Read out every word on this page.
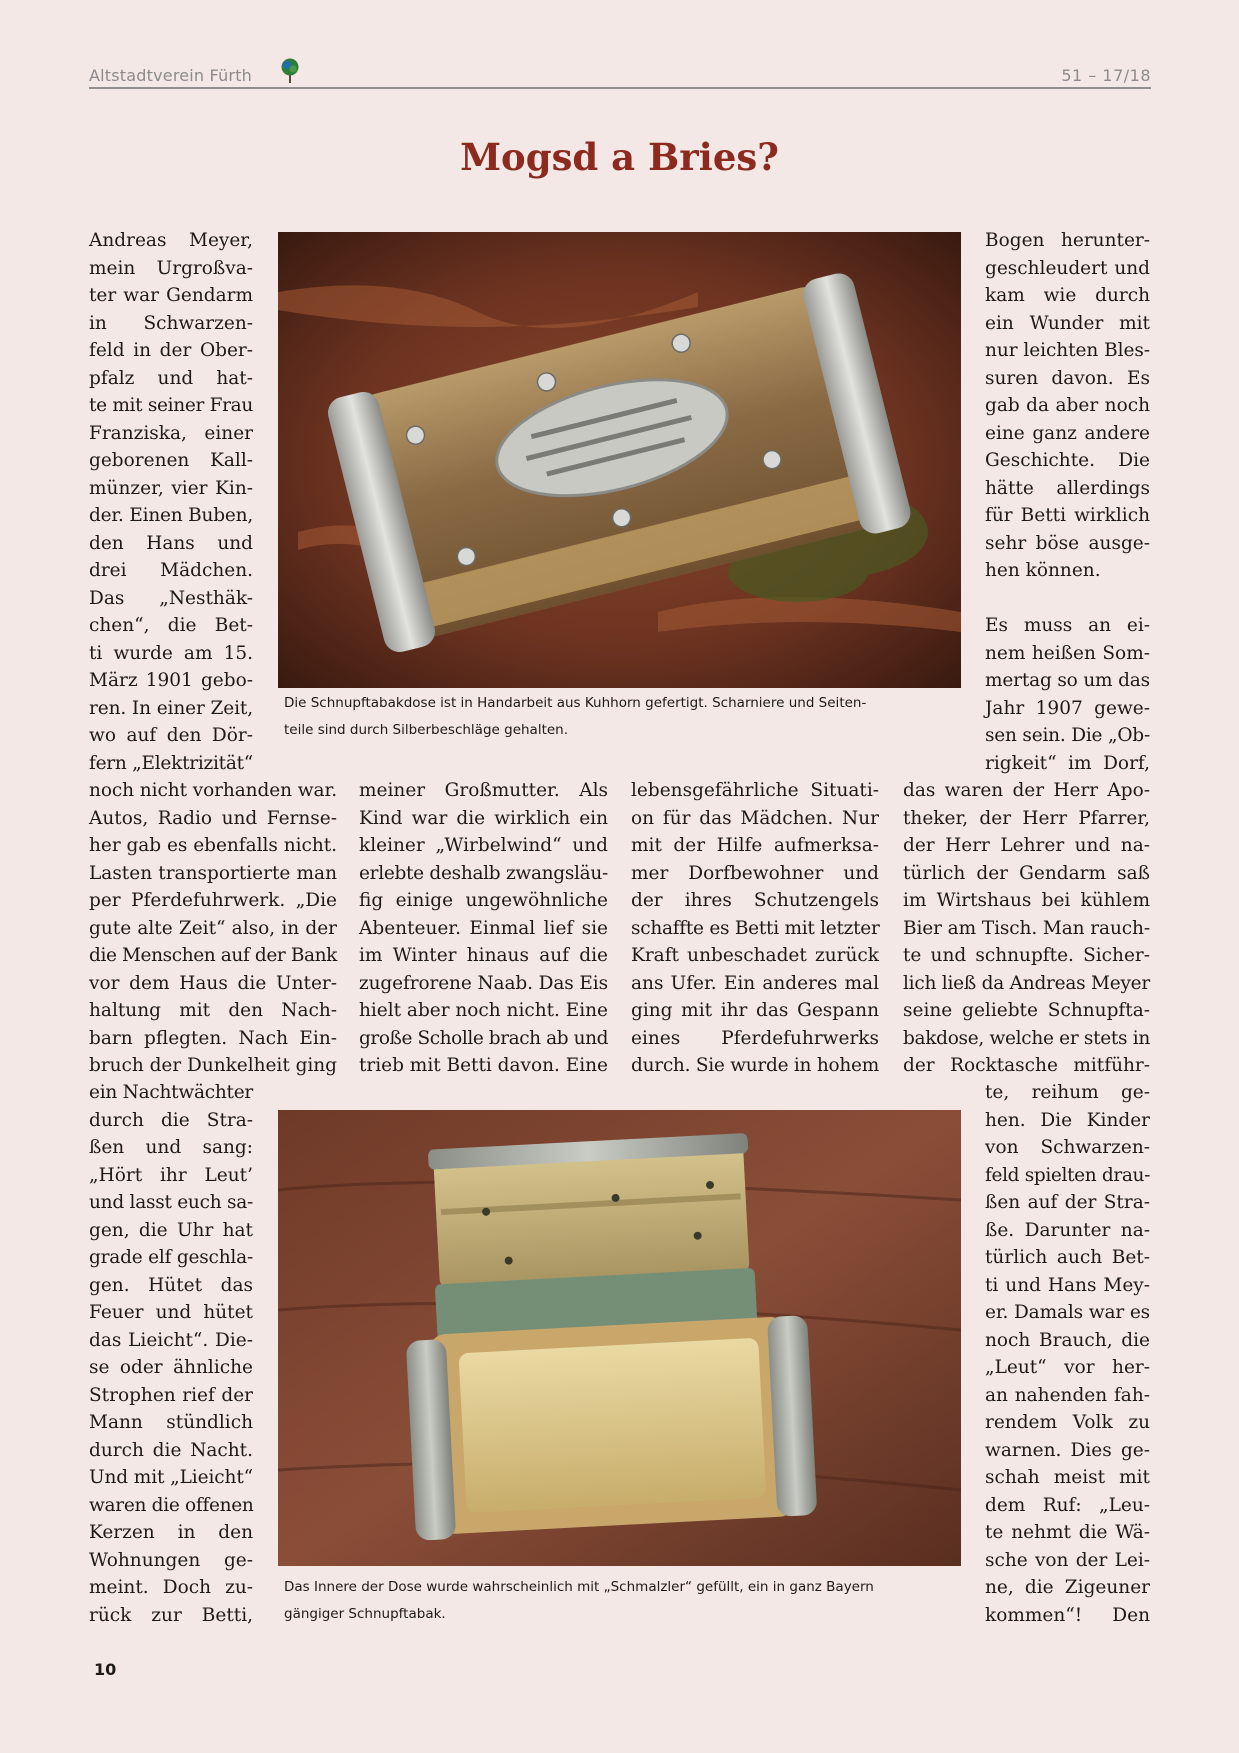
Altstadtverein Fürth	51 – 17/18
Mogsd a Bries?
Andreas Meyer,
mein Urgroßva-
ter war Gendarm
in Schwarzen-
feld in der Ober-
pfalz und hat-
te mit seiner Frau
Franziska, einer
geborenen Kall-
münzer, vier Kin-
der. Einen Buben,
den Hans und
drei Mädchen.
Das „Nesthäk-
chen“, die Bet-
ti wurde am 15.
März 1901 gebo-
ren. In einer Zeit,
wo auf den Dör-
fern „Elektrizität“
noch nicht vorhanden war.
Autos, Radio und Fernse-
her gab es ebenfalls nicht.
Lasten transportierte man
per Pferdefuhrwerk. „Die
gute alte Zeit“ also, in der
die Menschen auf der Bank
vor dem Haus die Unter-
haltung mit den Nach-
barn pflegten. Nach Ein-
bruch der Dunkelheit ging
ein Nachtwächter
durch die Stra-
ßen und sang:
„Hört ihr Leut’
und lasst euch sa-
gen, die Uhr hat
grade elf geschla-
gen. Hütet das
Feuer und hütet
das Lieicht“. Die-
se oder ähnliche
Strophen rief der
Mann stündlich
durch die Nacht.
Und mit „Lieicht“
waren die offenen
Kerzen in den
Wohnungen ge-
meint. Doch zu-
rück zur Betti,
meiner Großmutter. Als
Kind war die wirklich ein
kleiner „Wirbelwind“ und
erlebte deshalb zwangsläu-
fig einige ungewöhnliche
Abenteuer. Einmal lief sie
im Winter hinaus auf die
zugefrorene Naab. Das Eis
hielt aber noch nicht. Eine
große Scholle brach ab und
trieb mit Betti davon. Eine
lebensgefährliche Situati-
on für das Mädchen. Nur
mit der Hilfe aufmerksa-
mer Dorfbewohner und
der ihres Schutzengels
schaffte es Betti mit letzter
Kraft unbeschadet zurück
ans Ufer. Ein anderes mal
ging mit ihr das Gespann
eines Pferdefuhrwerks
durch. Sie wurde in hohem
Bogen herunter-
geschleudert und
kam wie durch
ein Wunder mit
nur leichten Bles-
suren davon. Es
gab da aber noch
eine ganz andere
Geschichte. Die
hätte allerdings
für Betti wirklich
sehr böse ausge-
hen können.
Es muss an ei-
nem heißen Som-
mertag so um das
Jahr 1907 gewe-
sen sein. Die „Ob-
rigkeit“ im Dorf,
das waren der Herr Apo-
theker, der Herr Pfarrer,
der Herr Lehrer und na-
türlich der Gendarm saß
im Wirtshaus bei kühlem
Bier am Tisch. Man rauch-
te und schnupfte. Sicher-
lich ließ da Andreas Meyer
seine geliebte Schnupfta-
bakdose, welche er stets in
der Rocktasche mitführ-
te, reihum ge-
hen. Die Kinder
von Schwarzen-
feld spielten drau-
ßen auf der Stra-
ße. Darunter na-
türlich auch Bet-
ti und Hans Mey-
er. Damals war es
noch Brauch, die
„Leut“ vor her-
an nahenden fah-
rendem Volk zu
warnen. Dies ge-
schah meist mit
dem Ruf: „Leu-
te nehmt die Wä-
sche von der Lei-
ne, die Zigeuner
kommen“! Den
Die Schnupftabakdose ist in Handarbeit aus Kuhhorn gefertigt. Scharniere und Seiten-
teile sind durch Silberbeschläge gehalten.
Das Innere der Dose wurde wahrscheinlich mit „Schmalzler“ gefüllt, ein in ganz Bayern
gängiger Schnupftabak.
10
